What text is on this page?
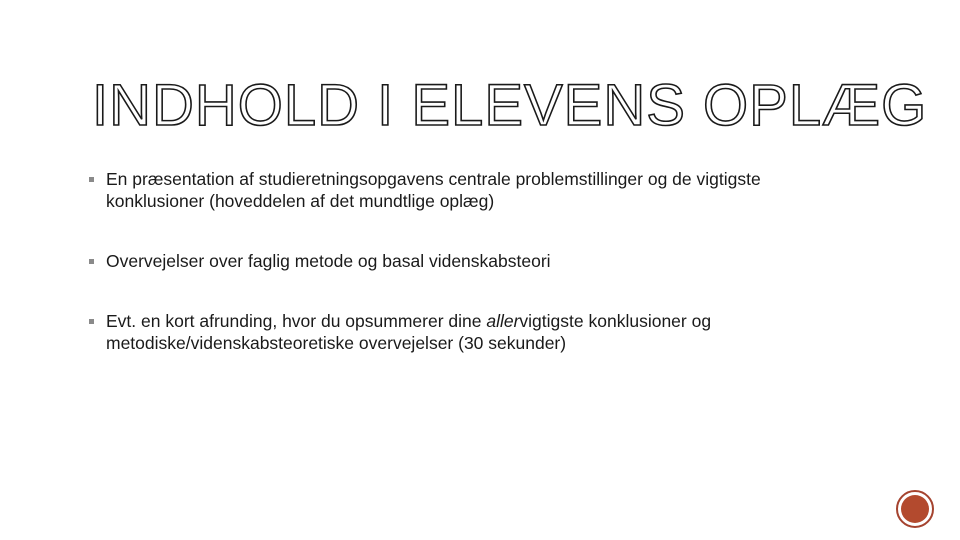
INDHOLD I ELEVENS OPLÆG
En præsentation af studieretningsopgavens centrale problemstillinger og de vigtigste konklusioner (hoveddelen af det mundtlige oplæg)
Overvejelser over faglig metode og basal videnskabsteori
Evt. en kort afrunding, hvor du opsummerer dine allervigtigste konklusioner og metodiske/videnskabsteoretiske overvejelser (30 sekunder)
